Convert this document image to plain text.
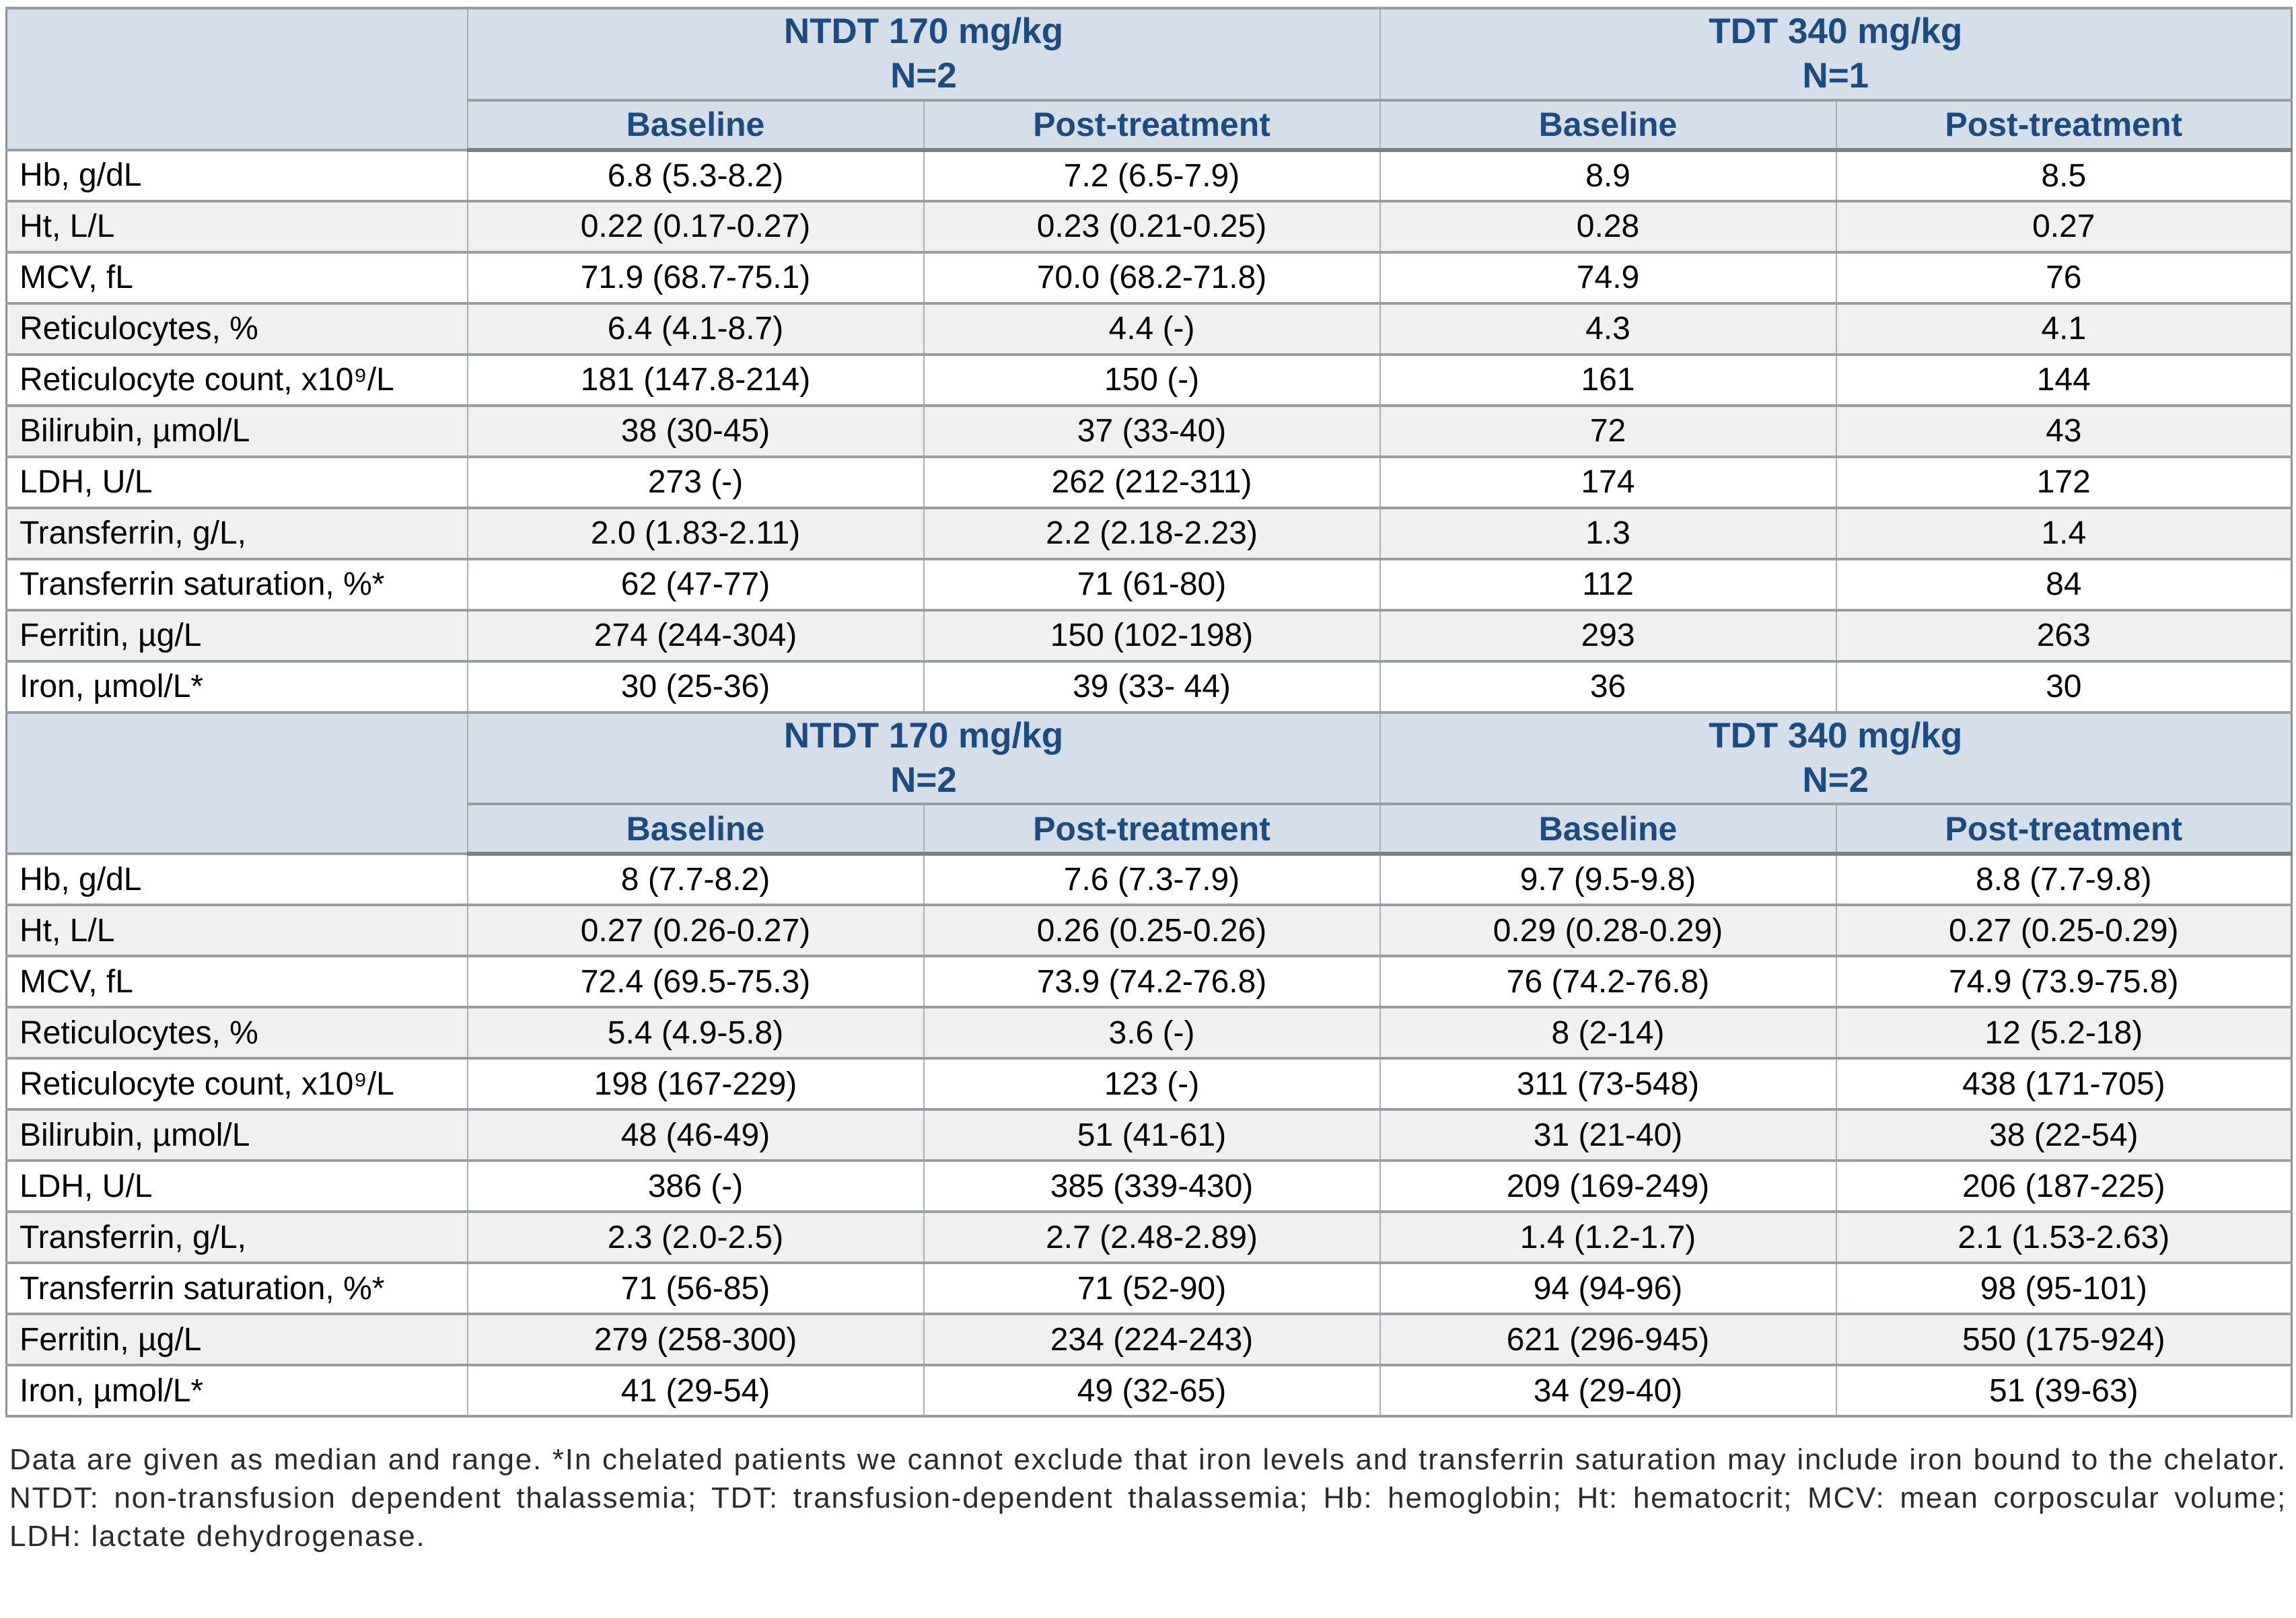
NTDT 170 mg/kg
N=2

TDT 340 mg/kg
N=1

	Baseline	Post-treatment	Baseline	Post-treatment
Hb, g/dL	6.8 (5.3-8.2)	7.2 (6.5-7.9)	8.9	8.5
Ht, L/L	0.22 (0.17-0.27)	0.23 (0.21-0.25)	0.28	0.27
MCV, fL	71.9 (68.7-75.1)	70.0 (68.2-71.8)	74.9	76
Reticulocytes, %	6.4 (4.1-8.7)	4.4 (-)	4.3	4.1
Reticulocyte count, x10⁹/L	181 (147.8-214)	150 (-)	161	144
Bilirubin, µmol/L	38 (30-45)	37 (33-40)	72	43
LDH, U/L	273 (-)	262 (212-311)	174	172
Transferrin, g/L,	2.0 (1.83-2.11)	2.2 (2.18-2.23)	1.3	1.4
Transferrin saturation, %*	62 (47-77)	71 (61-80)	112	84
Ferritin, µg/L	274 (244-304)	150 (102-198)	293	263
Iron, µmol/L*	30 (25-36)	39 (33- 44)	36	30

NTDT 170 mg/kg
N=2

TDT 340 mg/kg
N=2

	Baseline	Post-treatment	Baseline	Post-treatment
Hb, g/dL	8 (7.7-8.2)	7.6 (7.3-7.9)	9.7 (9.5-9.8)	8.8 (7.7-9.8)
Ht, L/L	0.27 (0.26-0.27)	0.26 (0.25-0.26)	0.29 (0.28-0.29)	0.27 (0.25-0.29)
MCV, fL	72.4 (69.5-75.3)	73.9 (74.2-76.8)	76 (74.2-76.8)	74.9 (73.9-75.8)
Reticulocytes, %	5.4 (4.9-5.8)	3.6 (-)	8 (2-14)	12 (5.2-18)
Reticulocyte count, x10⁹/L	198 (167-229)	123 (-)	311 (73-548)	438 (171-705)
Bilirubin, µmol/L	48 (46-49)	51 (41-61)	31 (21-40)	38 (22-54)
LDH, U/L	386 (-)	385 (339-430)	209 (169-249)	206 (187-225)
Transferrin, g/L,	2.3 (2.0-2.5)	2.7 (2.48-2.89)	1.4 (1.2-1.7)	2.1 (1.53-2.63)
Transferrin saturation, %*	71 (56-85)	71 (52-90)	94 (94-96)	98 (95-101)
Ferritin, µg/L	279 (258-300)	234 (224-243)	621 (296-945)	550 (175-924)
Iron, µmol/L*	41 (29-54)	49 (32-65)	34 (29-40)	51 (39-63)

Data are given as median and range. *In chelated patients we cannot exclude that iron levels and transferrin saturation may include iron bound to the chelator. NTDT: non-transfusion dependent thalassemia; TDT: transfusion-dependent thalassemia; Hb: hemoglobin; Ht: hematocrit; MCV: mean corposcular volume; LDH: lactate dehydrogenase.
